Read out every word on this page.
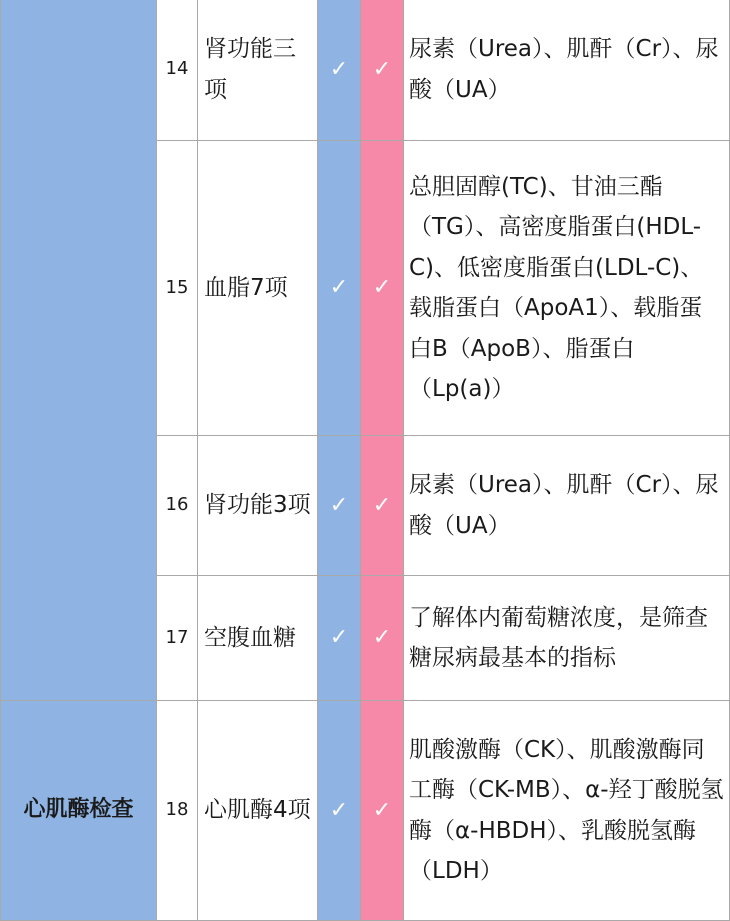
	14	肾功能三项	✓	✓	尿素（Urea）、肌酐（Cr）、尿酸（UA）
	15	血脂7项	✓	✓	总胆固醇(TC)、甘油三酯（TG）、高密度脂蛋白(HDL-C)、低密度脂蛋白(LDL-C)、载脂蛋白（ApoA1）、载脂蛋白B（ApoB）、脂蛋白（Lp(a)）
	16	肾功能3项	✓	✓	尿素（Urea）、肌酐（Cr）、尿酸（UA）
	17	空腹血糖	✓	✓	了解体内葡萄糖浓度，是筛查糖尿病最基本的指标
心肌酶检查	18	心肌酶4项	✓	✓	肌酸激酶（CK）、肌酸激酶同工酶（CK-MB）、α-羟丁酸脱氢酶（α-HBDH）、乳酸脱氢酶（LDH）
